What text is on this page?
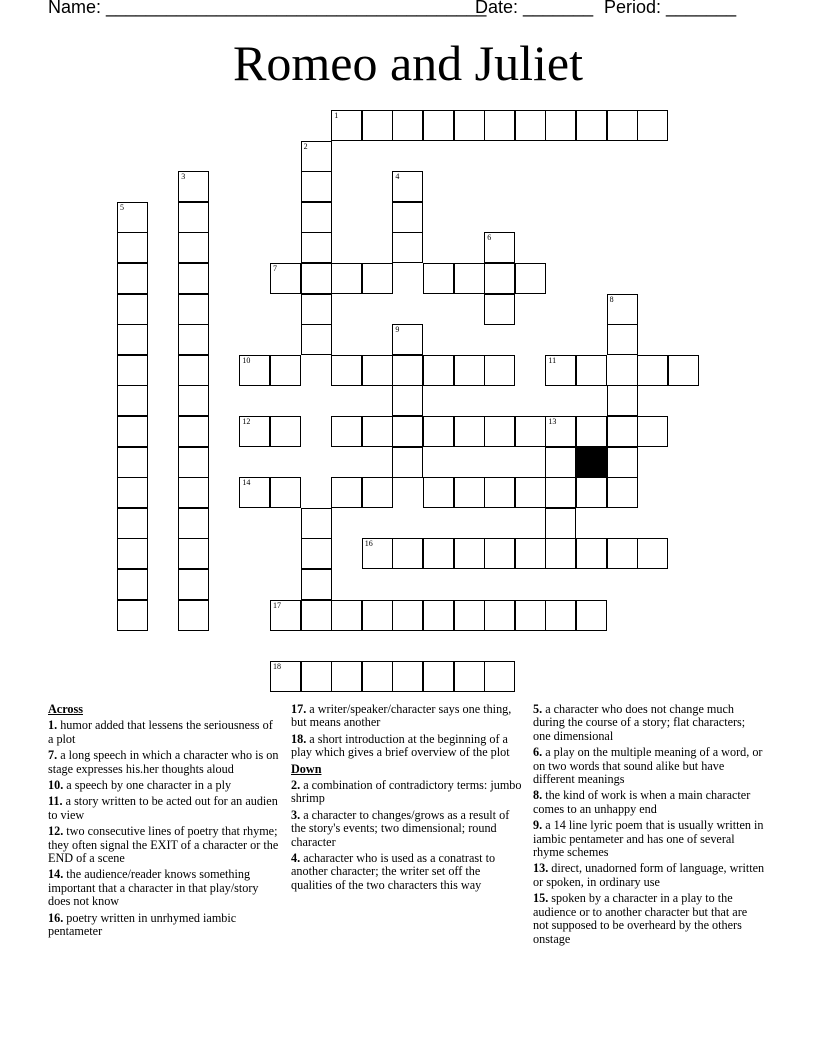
Name: ______________________________________
Date: _______ Period: _______
Romeo and Juliet
1
2
3
5
4
6
7
8
9
10	11
12	13
14
16
17
18
Across
1. humor added that lessens the seriousness of a plot
7. a long speech in which a character who is on stage expresses his.her thoughts aloud
10. a speech by one character in a ply
11. a story written to be acted out for an audien to view
12. two consecutive lines of poetry that rhyme; they often signal the EXIT of a character or the END of a scene
14. the audience/reader knows something important that a character in that play/story does not know
16. poetry written in unrhymed iambic pentameter
17. a writer/speaker/character says one thing, but means another
18. a short introduction at the beginning of a play which gives a brief overview of the plot
Down
2. a combination of contradictory terms: jumbo shrimp
3. a character to changes/grows as a result of the story's events; two dimensional; round character
4. acharacter who is used as a conatrast to another character; the writer set off the qualities of the two characters this way
5. a character who does not change much during the course of a story; flat characters; one dimensional
6. a play on the multiple meaning of a word, or on two words that sound alike but have different meanings
8. the kind of work is when a main character comes to an unhappy end
9. a 14 line lyric poem that is usually written in iambic pentameter and has one of several rhyme schemes
13. direct, unadorned form of language, written or spoken, in ordinary use
15. spoken by a character in a play to the audience or to another character but that are not supposed to be overheard by the others onstage
